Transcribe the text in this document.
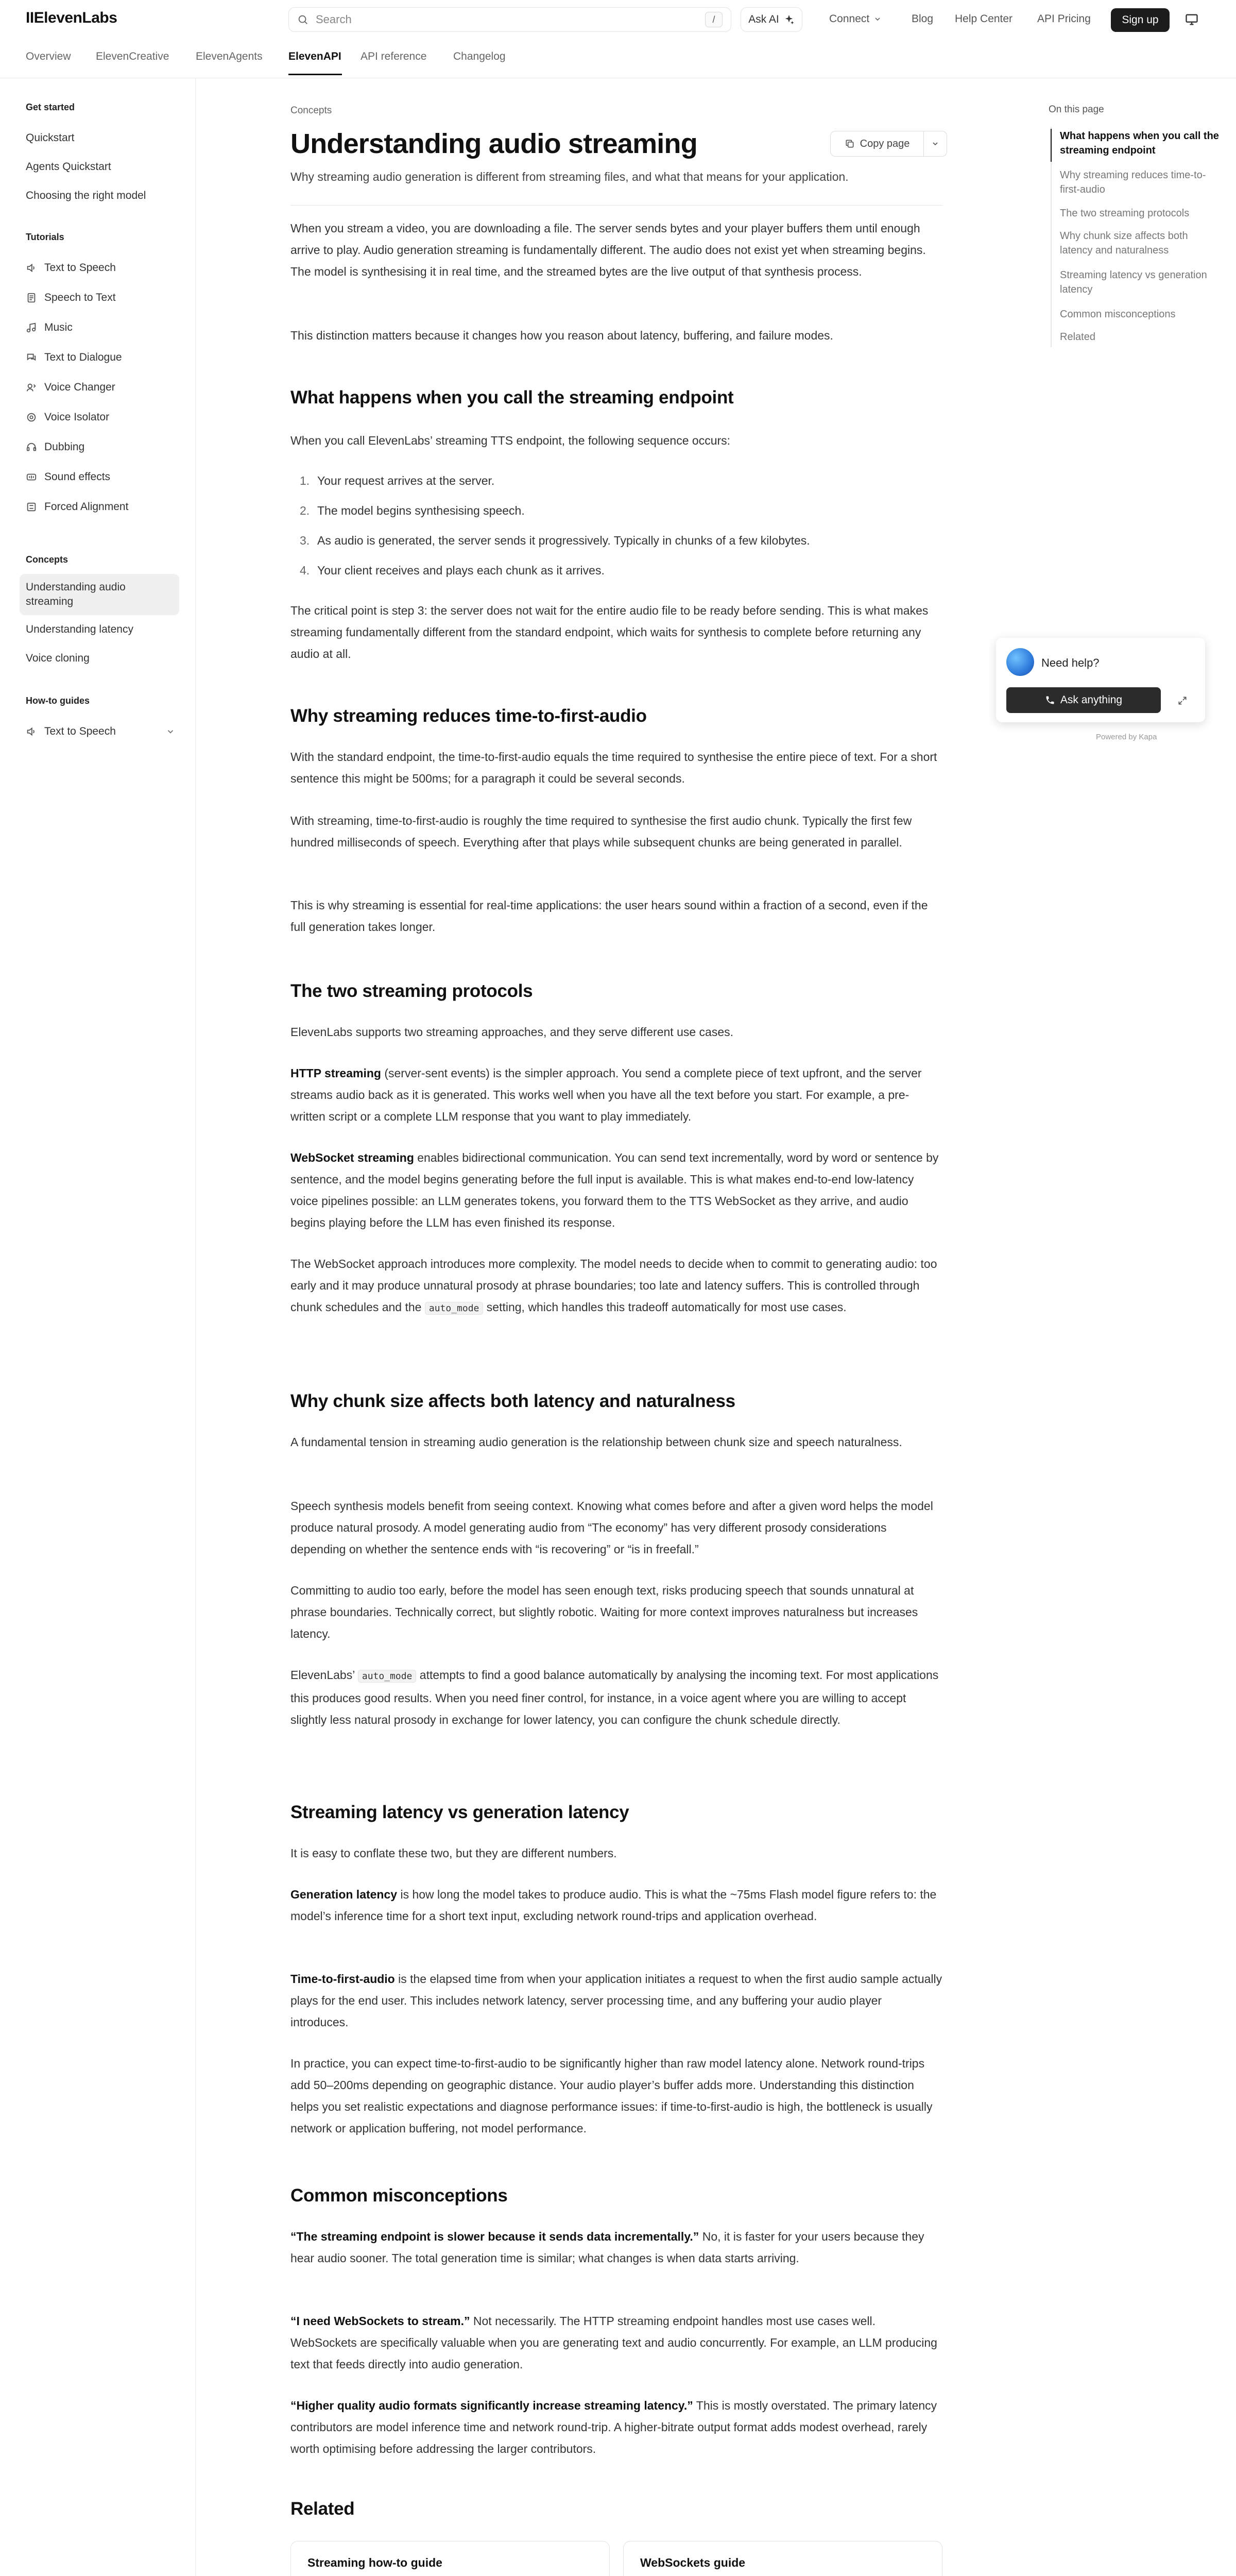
IIElevenLabs	Search	/	Ask AI	Connect	Blog Help Center API Pricing	Sign up
Overview ElevenCreative ElevenAgents ElevenAPI API reference Changelog
Get started
Quickstart
Agents Quickstart
Choosing the right model
Tutorials
Text to Speech
Speech to Text
Music
Text to Dialogue
Voice Changer
Voice Isolator
Dubbing
Sound effects
Forced Alignment
Concepts
Understanding audio streaming
Understanding latency
Voice cloning
How-to guides
Text to Speech
Concepts
Understanding audio streaming	Copy page
Why streaming audio generation is different from streaming files, and what that means for your application.
When you stream a video, you are downloading a file. The server sends bytes and your player buffers them until enough arrive to play. Audio generation streaming is fundamentally different. The audio does not exist yet when streaming begins. The model is synthesising it in real time, and the streamed bytes are the live output of that synthesis process.
This distinction matters because it changes how you reason about latency, buffering, and failure modes.
What happens when you call the streaming endpoint
When you call ElevenLabs’ streaming TTS endpoint, the following sequence occurs:
1. Your request arrives at the server.
2. The model begins synthesising speech.
3. As audio is generated, the server sends it progressively. Typically in chunks of a few kilobytes.
4. Your client receives and plays each chunk as it arrives.
The critical point is step 3: the server does not wait for the entire audio file to be ready before sending. This is what makes streaming fundamentally different from the standard endpoint, which waits for synthesis to complete before returning any audio at all.
Why streaming reduces time-to-first-audio
With the standard endpoint, the time-to-first-audio equals the time required to synthesise the entire piece of text. For a short sentence this might be 500ms; for a paragraph it could be several seconds.
With streaming, time-to-first-audio is roughly the time required to synthesise the first audio chunk. Typically the first few hundred milliseconds of speech. Everything after that plays while subsequent chunks are being generated in parallel.
This is why streaming is essential for real-time applications: the user hears sound within a fraction of a second, even if the full generation takes longer.
The two streaming protocols
ElevenLabs supports two streaming approaches, and they serve different use cases.
HTTP streaming (server-sent events) is the simpler approach. You send a complete piece of text upfront, and the server streams audio back as it is generated. This works well when you have all the text before you start. For example, a pre-written script or a complete LLM response that you want to play immediately.
WebSocket streaming enables bidirectional communication. You can send text incrementally, word by word or sentence by sentence, and the model begins generating before the full input is available. This is what makes end-to-end low-latency voice pipelines possible: an LLM generates tokens, you forward them to the TTS WebSocket as they arrive, and audio begins playing before the LLM has even finished its response.
The WebSocket approach introduces more complexity. The model needs to decide when to commit to generating audio: too early and it may produce unnatural prosody at phrase boundaries; too late and latency suffers. This is controlled through chunk schedules and the auto_mode setting, which handles this tradeoff automatically for most use cases.
Why chunk size affects both latency and naturalness
A fundamental tension in streaming audio generation is the relationship between chunk size and speech naturalness.
Speech synthesis models benefit from seeing context. Knowing what comes before and after a given word helps the model produce natural prosody. A model generating audio from “The economy” has very different prosody considerations depending on whether the sentence ends with “is recovering” or “is in freefall.”
Committing to audio too early, before the model has seen enough text, risks producing speech that sounds unnatural at phrase boundaries. Technically correct, but slightly robotic. Waiting for more context improves naturalness but increases latency.
ElevenLabs’ auto_mode attempts to find a good balance automatically by analysing the incoming text. For most applications this produces good results. When you need finer control, for instance, in a voice agent where you are willing to accept slightly less natural prosody in exchange for lower latency, you can configure the chunk schedule directly.
Streaming latency vs generation latency
It is easy to conflate these two, but they are different numbers.
Generation latency is how long the model takes to produce audio. This is what the ~75ms Flash model figure refers to: the model’s inference time for a short text input, excluding network round-trips and application overhead.
Time-to-first-audio is the elapsed time from when your application initiates a request to when the first audio sample actually plays for the end user. This includes network latency, server processing time, and any buffering your audio player introduces.
In practice, you can expect time-to-first-audio to be significantly higher than raw model latency alone. Network round-trips add 50–200ms depending on geographic distance. Your audio player’s buffer adds more. Understanding this distinction helps you set realistic expectations and diagnose performance issues: if time-to-first-audio is high, the bottleneck is usually network or application buffering, not model performance.
Common misconceptions
“The streaming endpoint is slower because it sends data incrementally.” No, it is faster for your users because they hear audio sooner. The total generation time is similar; what changes is when data starts arriving.
“I need WebSockets to stream.” Not necessarily. The HTTP streaming endpoint handles most use cases well. WebSockets are specifically valuable when you are generating text and audio concurrently. For example, an LLM producing text that feeds directly into audio generation.
“Higher quality audio formats significantly increase streaming latency.” This is mostly overstated. The primary latency contributors are model inference time and network round-trip. A higher-bitrate output format adds modest overhead, rarely worth optimising before addressing the larger contributors.
Related
Streaming how-to guide	WebSockets guide
On this page
What happens when you call the streaming endpoint
Why streaming reduces time-to-first-audio
The two streaming protocols
Why chunk size affects both latency and naturalness
Streaming latency vs generation latency
Common misconceptions
Related
Need help?
Ask anything
Powered by Kapa
